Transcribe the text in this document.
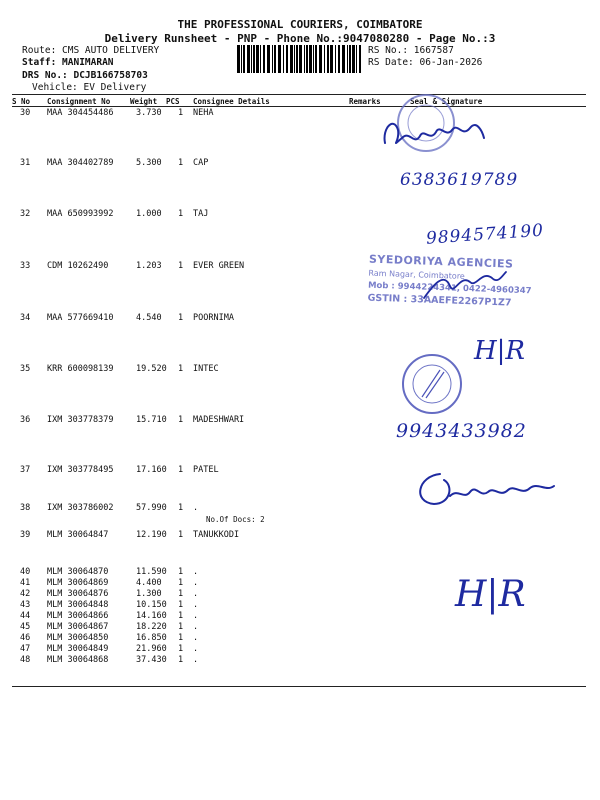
THE PROFESSIONAL COURIERS, COIMBATORE
Delivery Runsheet - PNP - Phone No.:9047080280 - Page No.:3
Route: CMS AUTO DELIVERY
Staff: MANIMARAN
DRS No.: DCJB166758703
Vehicle: EV Delivery
RS No.: 1667587
RS Date: 06-Jan-2026
S No Consignment No	Weight PCS Consignee Details	Remarks	Seal & Signature
30 MAA 304454486	3.730 1 NEHA
31 MAA 304402789	5.300 1 CAP
32 MAA 650993992	1.000 1 TAJ
33 CDM 10262490	1.203 1 EVER GREEN
34 MAA 577669410	4.540 1 POORNIMA
35 KRR 600098139	19.520 1 INTEC
36 IXM 303778379	15.710 1 MADESHWARI
37 IXM 303778495	17.160 1 PATEL
38 IXM 303786002	57.990 1 .
39 MLM 30064847	12.190 1 TANUKKODI
40 MLM 30064870	11.590 1 .
41 MLM 30064869	4.400 1 .
42 MLM 30064876	1.300 1 .
43 MLM 30064848	10.150 1 .
44 MLM 30064866	14.160 1 .
45 MLM 30064867	18.220 1 .
46 MLM 30064850	16.850 1 .
47 MLM 30064849	21.960 1 .
48 MLM 30064868	37.430 1 .
No.Of Docs: 2
SYEDORIYA AGENCIES
Ram Nagar, Coimbatore
Mob : 9944224341, 0422-4960347
GSTIN : 33AAEFE2267P1Z7
6383619789
9894574190
H|R
9943433982
H|R
